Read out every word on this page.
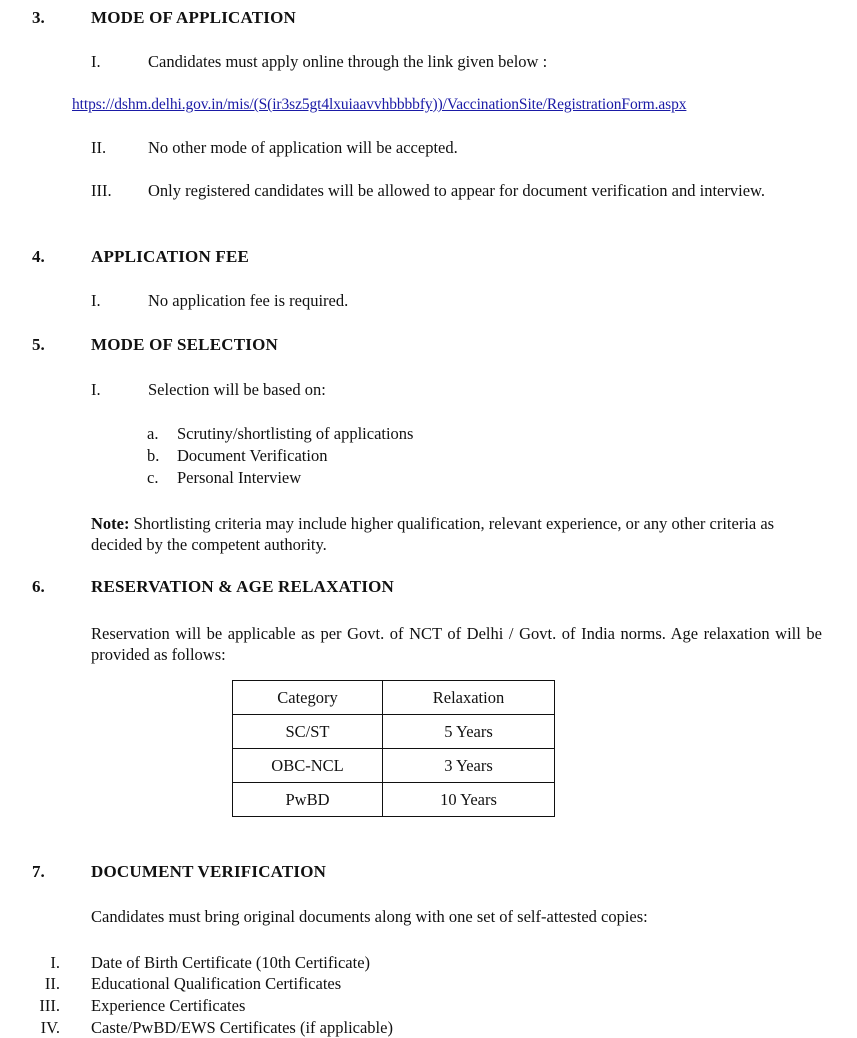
3.	MODE OF APPLICATION
I.	Candidates must apply online through the link given below :
https://dshm.delhi.gov.in/mis/(S(ir3sz5gt4lxuiaavvhbbbbfy))/VaccinationSite/RegistrationForm.aspx
II.	No other mode of application will be accepted.
III. Only registered candidates will be allowed to appear for document verification and interview.
4.	APPLICATION FEE
I.	No application fee is required.
5.	MODE OF SELECTION
I.	Selection will be based on:
a. Scrutiny/shortlisting of applications
b. Document Verification
c. Personal Interview
Note: Shortlisting criteria may include higher qualification, relevant experience, or any other criteria as decided by the competent authority.
6.	RESERVATION & AGE RELAXATION
Reservation will be applicable as per Govt. of NCT of Delhi / Govt. of India norms. Age relaxation will be provided as follows:
Category	Relaxation
SC/ST	5 Years
OBC-NCL	3 Years
PwBD	10 Years
7.	DOCUMENT VERIFICATION
Candidates must bring original documents along with one set of self-attested copies:
I. Date of Birth Certificate (10th Certificate)
II. Educational Qualification Certificates
III. Experience Certificates
IV. Caste/PwBD/EWS Certificates (if applicable)
